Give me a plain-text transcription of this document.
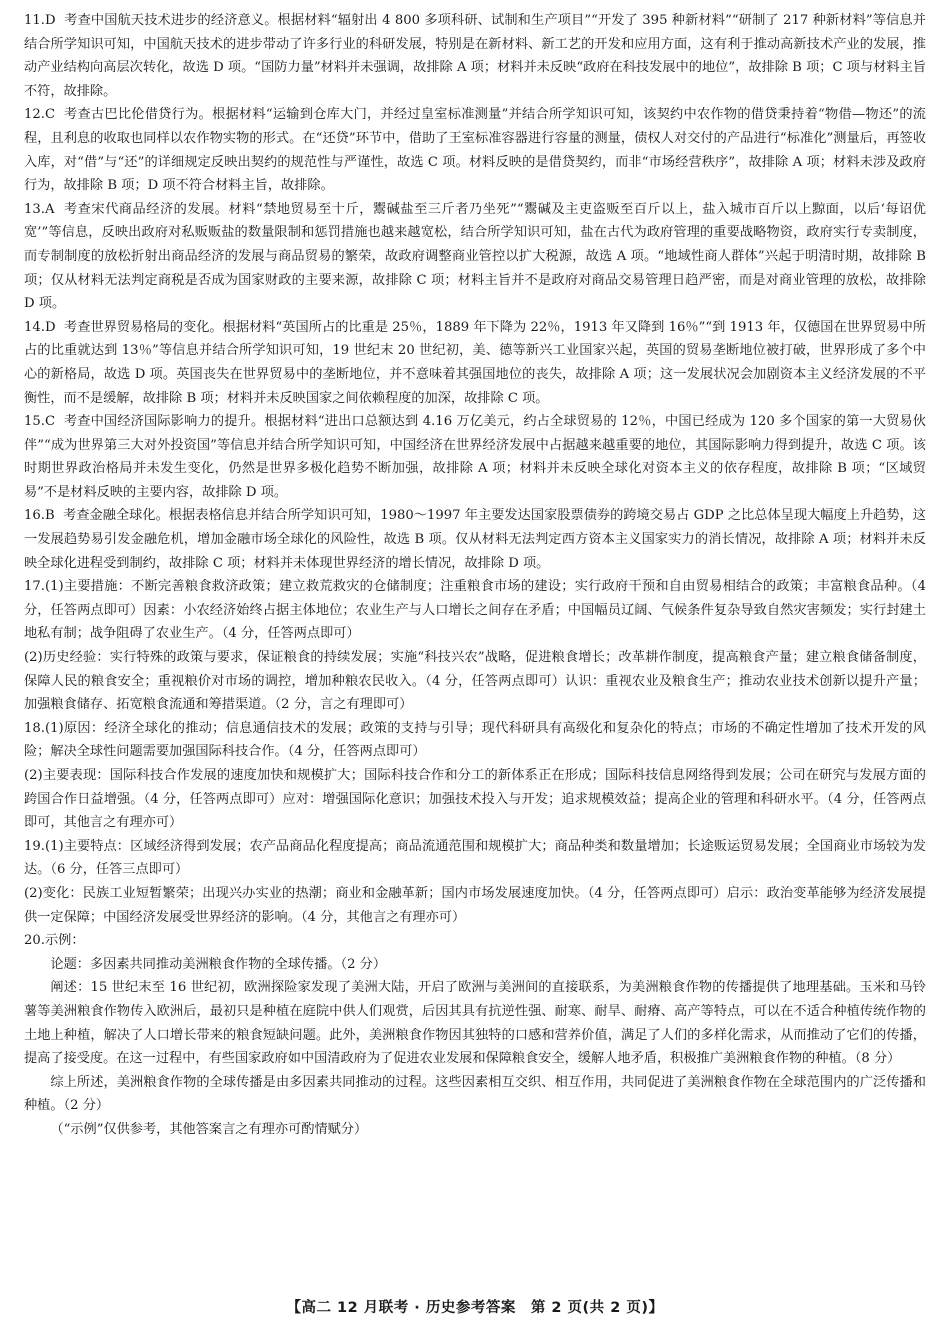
11.D 考查中国航天技术进步的经济意义。根据材料“辐射出 4 800 多项科研、试制和生产项目”“开发了 395 种新材料”“研制了 217 种新材料”等信息并结合所学知识可知，中国航天技术的进步带动了许多行业的科研发展，特别是在新材料、新工艺的开发和应用方面，这有利于推动高新技术产业的发展，推动产业结构向高层次转化，故选 D 项。“国防力量”材料并未强调，故排除 A 项；材料并未反映“政府在科技发展中的地位”，故排除 B 项；C 项与材料主旨不符，故排除。

12.C 考查古巴比伦借贷行为。根据材料“运输到仓库大门，并经过皇室标准测量”并结合所学知识可知，该契约中农作物的借贷秉持着“物借—物还”的流程，且利息的收取也同样以农作物实物的形式。在“还贷”环节中，借助了王室标准容器进行容量的测量，债权人对交付的产品进行“标准化”测量后，再签收入库，对“借”与“还”的详细规定反映出契约的规范性与严谨性，故选 C 项。材料反映的是借贷契约，而非“市场经营秩序”，故排除 A 项；材料未涉及政府行为，故排除 B 项；D 项不符合材料主旨，故排除。

13.A 考查宋代商品经济的发展。材料“禁地贸易至十斤，鬻碱盐至三斤者乃坐死”“鬻碱及主吏盗贩至百斤以上，盐入城市百斤以上黥面，以后‘每诏优宽’”等信息，反映出政府对私贩贩盐的数量限制和惩罚措施也越来越宽松，结合所学知识可知，盐在古代为政府管理的重要战略物资，政府实行专卖制度，而专制制度的放松折射出商品经济的发展与商品贸易的繁荣，故政府调整商业管控以扩大税源，故选 A 项。“地域性商人群体”兴起于明清时期，故排除 B 项；仅从材料无法判定商税是否成为国家财政的主要来源，故排除 C 项；材料主旨并不是政府对商品交易管理日趋严密，而是对商业管理的放松，故排除 D 项。

14.D 考查世界贸易格局的变化。根据材料“英国所占的比重是 25％，1889 年下降为 22％，1913 年又降到 16％”“到 1913 年，仅德国在世界贸易中所占的比重就达到 13％”等信息并结合所学知识可知，19 世纪末 20 世纪初，美、德等新兴工业国家兴起，英国的贸易垄断地位被打破，世界形成了多个中心的新格局，故选 D 项。英国丧失在世界贸易中的垄断地位，并不意味着其强国地位的丧失，故排除 A 项；这一发展状况会加剧资本主义经济发展的不平衡性，而不是缓解，故排除 B 项；材料并未反映国家之间依赖程度的加深，故排除 C 项。

15.C 考查中国经济国际影响力的提升。根据材料“进出口总额达到 4.16 万亿美元，约占全球贸易的 12％，中国已经成为 120 多个国家的第一大贸易伙伴”“成为世界第三大对外投资国”等信息并结合所学知识可知，中国经济在世界经济发展中占据越来越重要的地位，其国际影响力得到提升，故选 C 项。该时期世界政治格局并未发生变化，仍然是世界多极化趋势不断加强，故排除 A 项；材料并未反映全球化对资本主义的依存程度，故排除 B 项；“区域贸易”不是材料反映的主要内容，故排除 D 项。

16.B 考查金融全球化。根据表格信息并结合所学知识可知，1980～1997 年主要发达国家股票债券的跨境交易占 GDP 之比总体呈现大幅度上升趋势，这一发展趋势易引发金融危机，增加金融市场全球化的风险性，故选 B 项。仅从材料无法判定西方资本主义国家实力的消长情况，故排除 A 项；材料并未反映全球化进程受到制约，故排除 C 项；材料并未体现世界经济的增长情况，故排除 D 项。

17.(1)主要措施：不断完善粮食救济政策；建立救荒救灾的仓储制度；注重粮食市场的建设；实行政府干预和自由贸易相结合的政策；丰富粮食品种。（4 分，任答两点即可）因素：小农经济始终占据主体地位；农业生产与人口增长之间存在矛盾；中国幅员辽阔、气候条件复杂导致自然灾害频发；实行封建土地私有制；战争阻碍了农业生产。（4 分，任答两点即可）

(2)历史经验：实行特殊的政策与要求，保证粮食的持续发展；实施“科技兴农”战略，促进粮食增长；改革耕作制度，提高粮食产量；建立粮食储备制度，保障人民的粮食安全；重视粮价对市场的调控，增加种粮农民收入。（4 分，任答两点即可）认识：重视农业及粮食生产；推动农业技术创新以提升产量；加强粮食储存、拓宽粮食流通和筹措渠道。（2 分，言之有理即可）

18.(1)原因：经济全球化的推动；信息通信技术的发展；政策的支持与引导；现代科研具有高级化和复杂化的特点；市场的不确定性增加了技术开发的风险；解决全球性问题需要加强国际科技合作。（4 分，任答两点即可）

(2)主要表现：国际科技合作发展的速度加快和规模扩大；国际科技合作和分工的新体系正在形成；国际科技信息网络得到发展；公司在研究与发展方面的跨国合作日益增强。（4 分，任答两点即可）应对：增强国际化意识；加强技术投入与开发；追求规模效益；提高企业的管理和科研水平。（4 分，任答两点即可，其他言之有理亦可）

19.(1)主要特点：区域经济得到发展；农产品商品化程度提高；商品流通范围和规模扩大；商品种类和数量增加；长途贩运贸易发展；全国商业市场较为发达。（6 分，任答三点即可）

(2)变化：民族工业短暂繁荣；出现兴办实业的热潮；商业和金融革新；国内市场发展速度加快。（4 分，任答两点即可）启示：政治变革能够为经济发展提供一定保障；中国经济发展受世界经济的影响。（4 分，其他言之有理亦可）

20.示例：

论题：多因素共同推动美洲粮食作物的全球传播。（2 分）

阐述：15 世纪末至 16 世纪初，欧洲探险家发现了美洲大陆，开启了欧洲与美洲间的直接联系，为美洲粮食作物的传播提供了地理基础。玉米和马铃薯等美洲粮食作物传入欧洲后，最初只是种植在庭院中供人们观赏，后因其具有抗逆性强、耐寒、耐旱、耐瘠、高产等特点，可以在不适合种植传统作物的土地上种植，解决了人口增长带来的粮食短缺问题。此外，美洲粮食作物因其独特的口感和营养价值，满足了人们的多样化需求，从而推动了它们的传播，提高了接受度。在这一过程中，有些国家政府如中国清政府为了促进农业发展和保障粮食安全，缓解人地矛盾，积极推广美洲粮食作物的种植。（8 分）

综上所述，美洲粮食作物的全球传播是由多因素共同推动的过程。这些因素相互交织、相互作用，共同促进了美洲粮食作物在全球范围内的广泛传播和种植。（2 分）

（“示例”仅供参考，其他答案言之有理亦可酌情赋分）

【高二 12 月联考 · 历史参考答案　第 2 页(共 2 页)】
